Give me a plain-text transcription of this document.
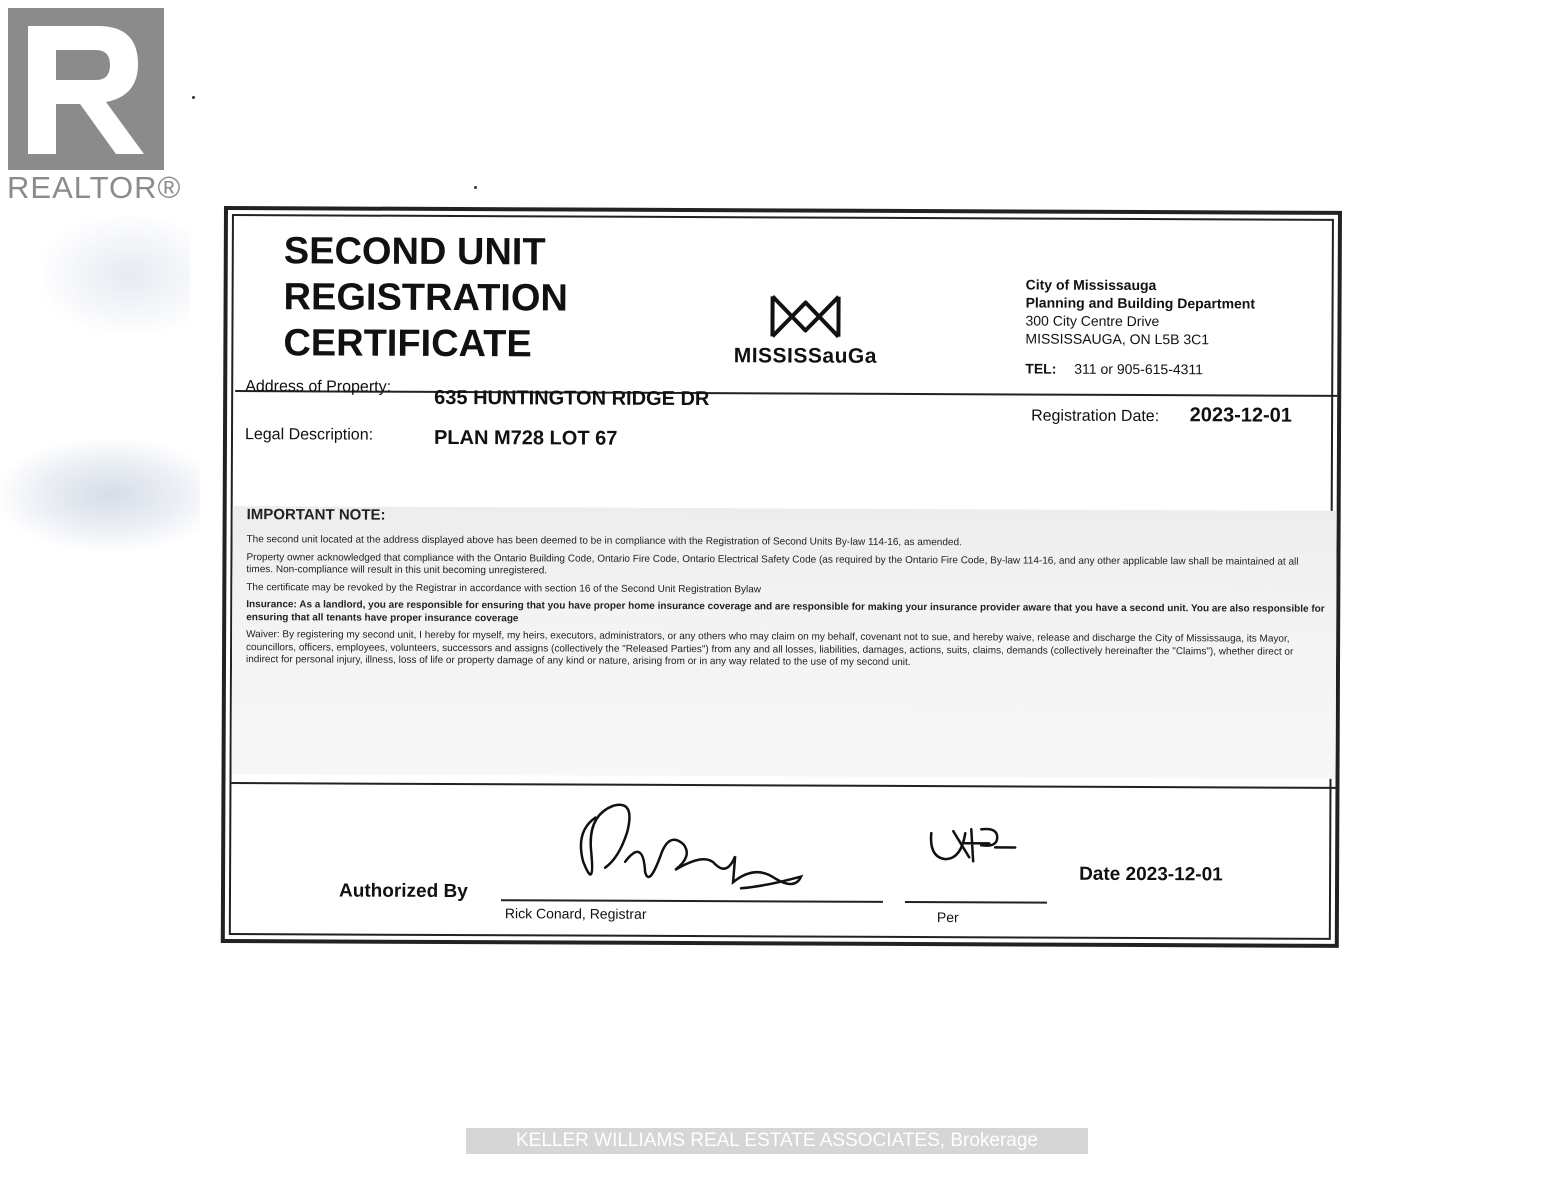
REALTOR®
SECOND UNIT
REGISTRATION
CERTIFICATE	MISSISSauGa
City of Mississauga
Planning and Building Department
300 City Centre Drive
MISSISSAUGA, ON L5B 3C1
TEL: 311 or 905-615-4311
Address of Property:
635 HUNTINGTON RIDGE DR
Legal Description:	PLAN M728 LOT 67
Registration Date: 2023-12-01
IMPORTANT NOTE:

The second unit located at the address displayed above has been deemed to be in compliance with the Registration of Second Units By-law 114-16, as amended.

Property owner acknowledged that compliance with the Ontario Building Code, Ontario Fire Code, Ontario Electrical Safety Code (as required by the Ontario Fire Code, By-law 114-16, and any other applicable law shall be maintained at all times. Non-compliance will result in this unit becoming unregistered.

The certificate may be revoked by the Registrar in accordance with section 16 of the Second Unit Registration Bylaw

Insurance: As a landlord, you are responsible for ensuring that you have proper home insurance coverage and are responsible for making your insurance provider aware that you have a second unit. You are also responsible for ensuring that all tenants have proper insurance coverage

Waiver: By registering my second unit, I hereby for myself, my heirs, executors, administrators, or any others who may claim on my behalf, covenant not to sue, and hereby waive, release and discharge the City of Mississauga, its Mayor, councillors, officers, employees, volunteers, successors and assigns (collectively the "Released Parties") from any and all losses, liabilities, damages, actions, suits, claims, demands (collectively hereinafter the "Claims"), whether direct or indirect for personal injury, illness, loss of life or property damage of any kind or nature, arising from or in any way related to the use of my second unit.

Authorized By
Rick Conard, Registrar	Per
Date 2023-12-01
KELLER WILLIAMS REAL ESTATE ASSOCIATES, Brokerage
